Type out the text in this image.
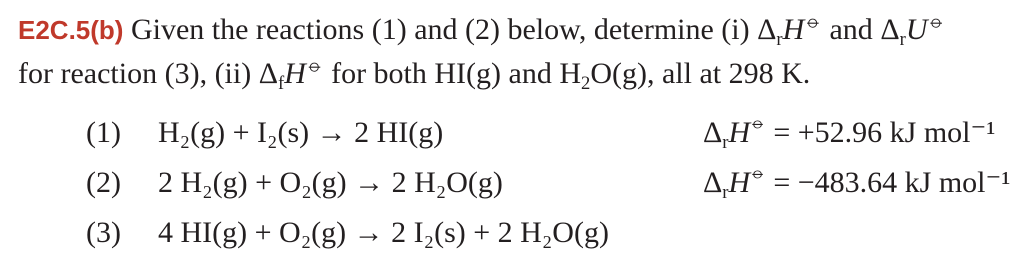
E2C.5(b) Given the reactions (1) and (2) below, determine (i) $\Delta_rH^⦵$ and $\Delta_rU^⦵$
for reaction (3), (ii) $\Delta_fH^⦵$ for both HI(g) and $H_2O(g)$, all at 298 K.
(1) H₂(g) + I₂(s) → 2 HI(g)	$\Delta_rH^⦵ = +52.96$ kJ mol⁻¹
(2) 2 H₂(g) + O₂(g) → 2 H₂O(g)	$\Delta_rH^⦵ = -483.64$ kJ mol⁻¹
(3) 4 HI(g) + O₂(g) → 2 I₂(s) + 2 H₂O(g)
